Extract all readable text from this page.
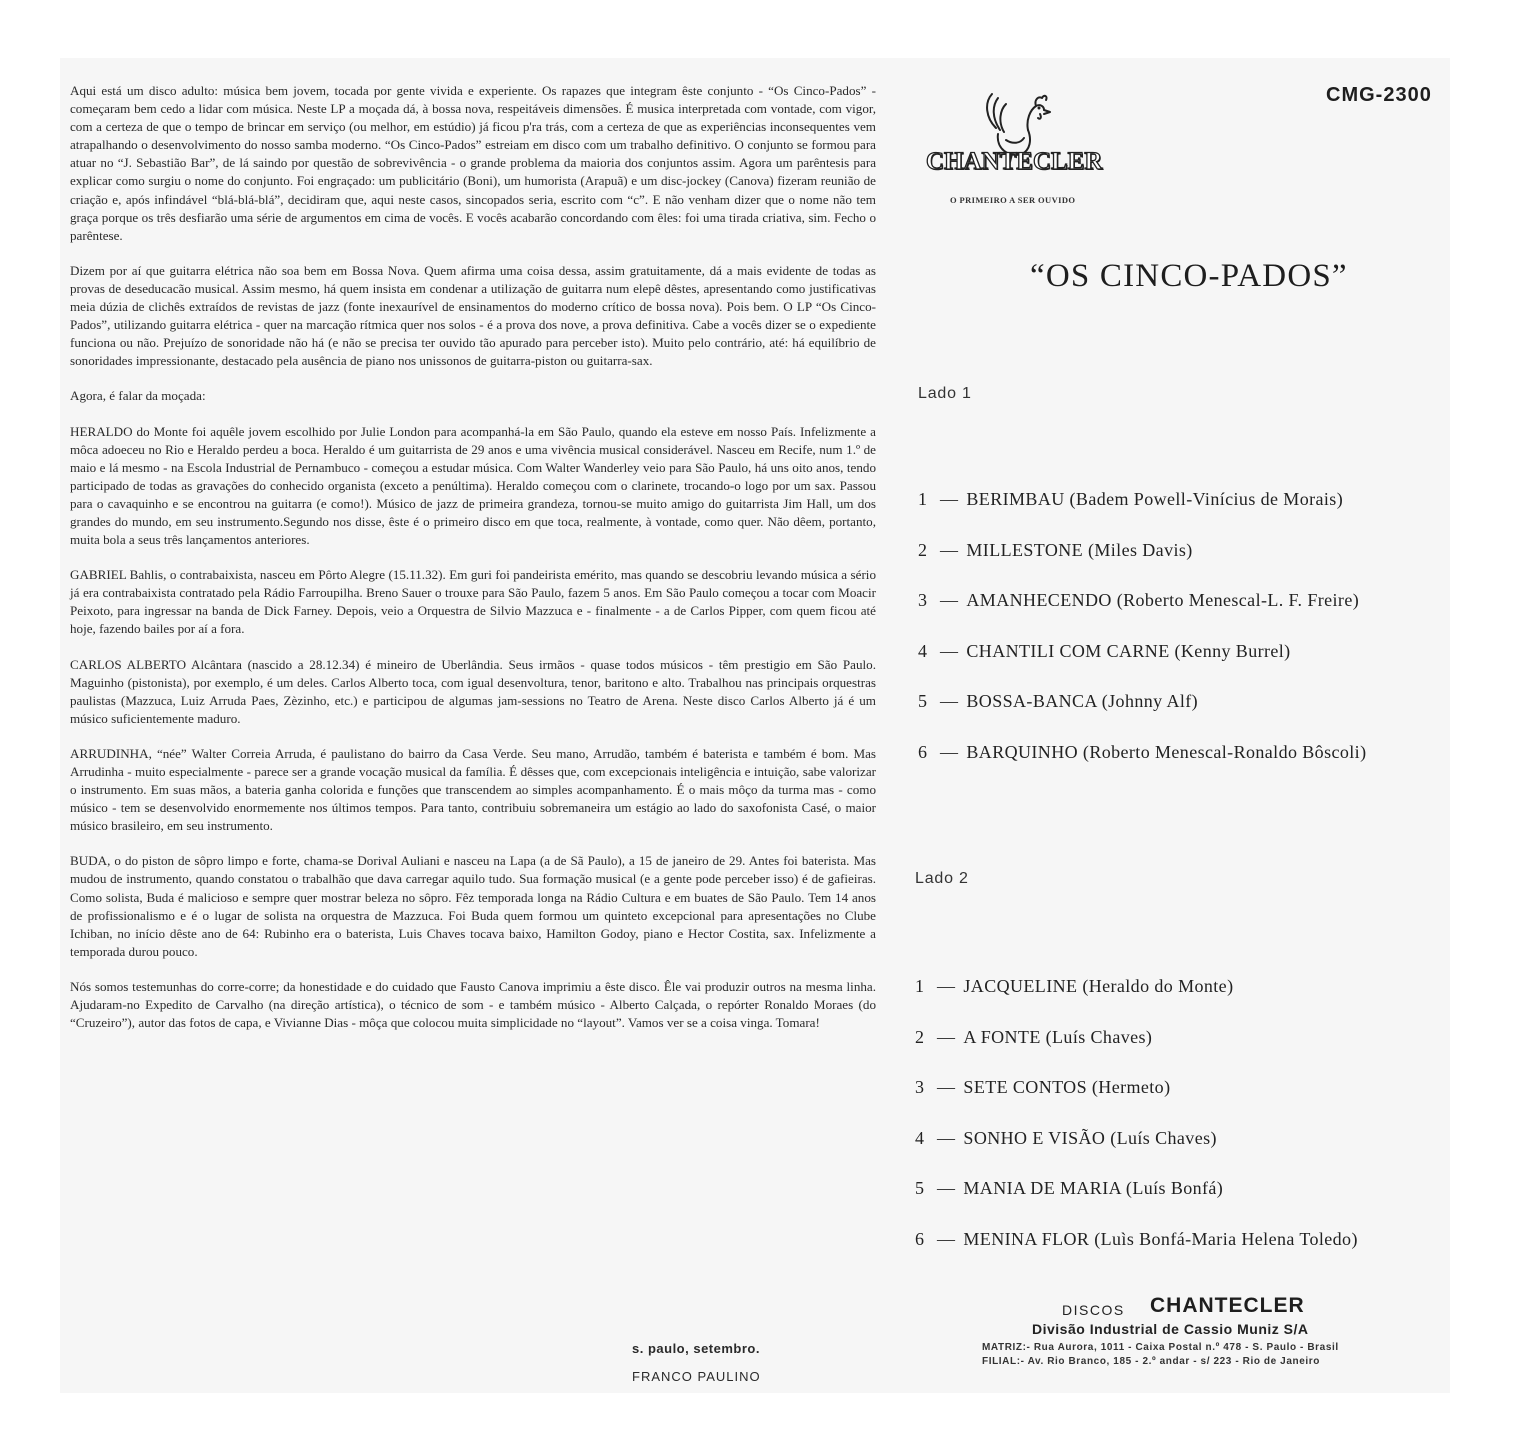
Aqui está um disco adulto: música bem jovem, tocada por gente vivida e experiente. Os rapazes que integram êste conjunto - “Os Cinco-Pados” - começaram bem cedo a lidar com música. Neste LP a moçada dá, à bossa nova, respeitáveis dimensões. É musica interpretada com vontade, com vigor, com a certeza de que o tempo de brincar em serviço (ou melhor, em estúdio) já ficou p'ra trás, com a certeza de que as experiências inconsequentes vem atrapalhando o desenvolvimento do nosso samba moderno. “Os Cinco-Pados” estreiam em disco com um trabalho definitivo. O conjunto se formou para atuar no “J. Sebastião Bar”, de lá saindo por questão de sobrevivência - o grande problema da maioria dos conjuntos assim. Agora um parêntesis para explicar como surgiu o nome do conjunto. Foi engraçado: um publicitário (Boni), um humorista (Arapuã) e um disc-jockey (Canova) fizeram reunião de criação e, após infindável “blá-blá-blá”, decidiram que, aqui neste casos, sincopados seria, escrito com “c”. E não venham dizer que o nome não tem graça porque os três desfiarão uma série de argumentos em cima de vocês. E vocês acabarão concordando com êles: foi uma tirada criativa, sim. Fecho o parêntese.

Dizem por aí que guitarra elétrica não soa bem em Bossa Nova. Quem afirma uma coisa dessa, assim gratuitamente, dá a mais evidente de todas as provas de deseducacão musical. Assim mesmo, há quem insista em condenar a utilização de guitarra num elepê dêstes, apresentando como justificativas meia dúzia de clichês extraídos de revistas de jazz (fonte inexaurível de ensinamentos do moderno crítico de bossa nova). Pois bem. O LP “Os Cinco-Pados”, utilizando guitarra elétrica - quer na marcação rítmica quer nos solos - é a prova dos nove, a prova definitiva. Cabe a vocês dizer se o expediente funciona ou não. Prejuízo de sonoridade não há (e não se precisa ter ouvido tão apurado para perceber isto). Muito pelo contrário, até: há equilíbrio de sonoridades impressionante, destacado pela ausência de piano nos unissonos de guitarra-piston ou guitarra-sax.

Agora, é falar da moçada:

HERALDO do Monte foi aquêle jovem escolhido por Julie London para acompanhá-la em São Paulo, quando ela esteve em nosso País. Infelizmente a môca adoeceu no Rio e Heraldo perdeu a boca. Heraldo é um guitarrista de 29 anos e uma vivência musical considerável. Nasceu em Recife, num 1.º de maio e lá mesmo - na Escola Industrial de Pernambuco - começou a estudar música. Com Walter Wanderley veio para São Paulo, há uns oito anos, tendo participado de todas as gravações do conhecido organista (exceto a penúltima). Heraldo começou com o clarinete, trocando-o logo por um sax. Passou para o cavaquinho e se encontrou na guitarra (e como!). Músico de jazz de primeira grandeza, tornou-se muito amigo do guitarrista Jim Hall, um dos grandes do mundo, em seu instrumento.Segundo nos disse, êste é o primeiro disco em que toca, realmente, à vontade, como quer. Não dêem, portanto, muita bola a seus três lançamentos anteriores.

GABRIEL Bahlis, o contrabaixista, nasceu em Pôrto Alegre (15.11.32). Em guri foi pandeirista emérito, mas quando se descobriu levando música a sério já era contrabaixista contratado pela Rádio Farroupilha. Breno Sauer o trouxe para São Paulo, fazem 5 anos. Em São Paulo começou a tocar com Moacir Peixoto, para ingressar na banda de Dick Farney. Depois, veio a Orquestra de Silvio Mazzuca e - finalmente - a de Carlos Pipper, com quem ficou até hoje, fazendo bailes por aí a fora.

CARLOS ALBERTO Alcântara (nascido a 28.12.34) é mineiro de Uberlândia. Seus irmãos - quase todos músicos - têm prestigio em São Paulo. Maguinho (pistonista), por exemplo, é um deles. Carlos Alberto toca, com igual desenvoltura, tenor, baritono e alto. Trabalhou nas principais orquestras paulistas (Mazzuca, Luiz Arruda Paes, Zèzinho, etc.) e participou de algumas jam-sessions no Teatro de Arena. Neste disco Carlos Alberto já é um músico suficientemente maduro.

ARRUDINHA, “née” Walter Correia Arruda, é paulistano do bairro da Casa Verde. Seu mano, Arrudão, também é baterista e também é bom. Mas Arrudinha - muito especialmente - parece ser a grande vocação musical da família. É dêsses que, com excepcionais inteligência e intuição, sabe valorizar o instrumento. Em suas mãos, a bateria ganha colorida e funções que transcendem ao simples acompanhamento. É o mais môço da turma mas - como músico - tem se desenvolvido enormemente nos últimos tempos. Para tanto, contribuiu sobremaneira um estágio ao lado do saxofonista Casé, o maior músico brasileiro, em seu instrumento.

BUDA, o do piston de sôpro limpo e forte, chama-se Dorival Auliani e nasceu na Lapa (a de Sã Paulo), a 15 de janeiro de 29. Antes foi baterista. Mas mudou de instrumento, quando constatou o trabalhão que dava carregar aquilo tudo. Sua formação musical (e a gente pode perceber isso) é de gafieiras. Como solista, Buda é malicioso e sempre quer mostrar beleza no sôpro. Fêz temporada longa na Rádio Cultura e em buates de São Paulo. Tem 14 anos de profissionalismo e é o lugar de solista na orquestra de Mazzuca. Foi Buda quem formou um quinteto excepcional para apresentações no Clube Ichiban, no início dêste ano de 64: Rubinho era o baterista, Luis Chaves tocava baixo, Hamilton Godoy, piano e Hector Costita, sax. Infelizmente a temporada durou pouco.

Nós somos testemunhas do corre-corre; da honestidade e do cuidado que Fausto Canova imprimiu a êste disco. Êle vai produzir outros na mesma linha. Ajudaram-no Expedito de Carvalho (na direção artística), o técnico de som - e também músico - Alberto Calçada, o repórter Ronaldo Moraes (do “Cruzeiro”), autor das fotos de capa, e Vivianne Dias - môça que colocou muita simplicidade no “layout”. Vamos ver se a coisa vinga. Tomara!

s. paulo, setembro.
FRANCO PAULINO
CMG-2300
CHANTECLER
O PRIMEIRO A SER OUVIDO
“OS CINCO-PADOS”
Lado 1
1 — BERIMBAU (Badem Powell-Vinícius de Morais)
2 — MILLESTONE (Miles Davis)
3 — AMANHECENDO (Roberto Menescal-L. F. Freire)
4 — CHANTILI COM CARNE (Kenny Burrel)
5 — BOSSA-BANCA (Johnny Alf)
6 — BARQUINHO (Roberto Menescal-Ronaldo Bôscoli)
Lado 2
1 — JACQUELINE (Heraldo do Monte)
2 — A FONTE (Luís Chaves)
3 — SETE CONTOS (Hermeto)
4 — SONHO E VISÃO (Luís Chaves)
5 — MANIA DE MARIA (Luís Bonfá)
6 — MENINA FLOR (Luìs Bonfá-Maria Helena Toledo)
DISCOS CHANTECLER
Divisão Industrial de Cassio Muniz S/A
MATRIZ:- Rua Aurora, 1011 - Caixa Postal n.º 478 - S. Paulo - Brasil
FILIAL:- Av. Rio Branco, 185 - 2.º andar - s/ 223 - Rio de Janeiro
